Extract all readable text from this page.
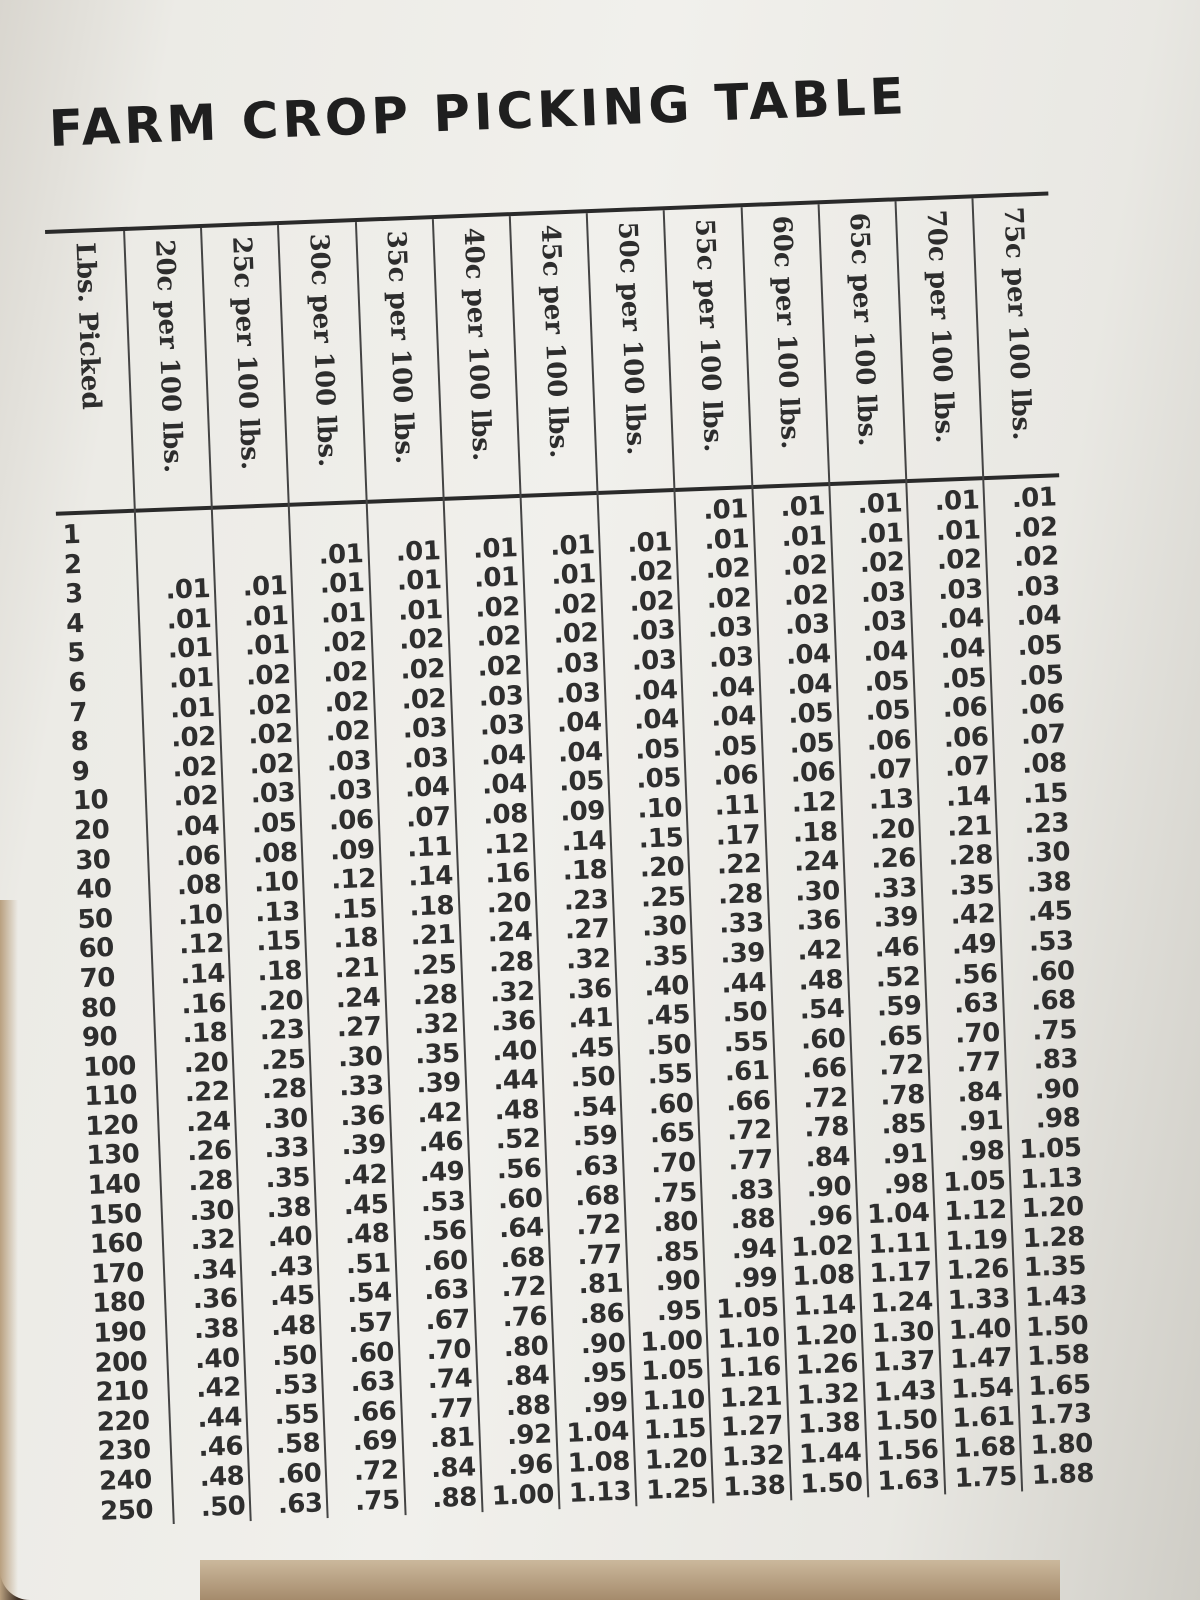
FARM CROP PICKING TABLE
Lbs. Picked
1
2
3
4
5
6
7
8
9
10
20
30
40
50
60
70
80
90
100
110
120
130
140
150
160
170
180
190
200
210
220
230
240
250
20c per 100 lbs.
.01
.01
.01
.01
.01
.02
.02
.02
.04
.06
.08
.10
.12
.14
.16
.18
.20
.22
.24
.26
.28
.30
.32
.34
.36
.38
.40
.42
.44
.46
.48
.50
25c per 100 lbs.
.01
.01
.01
.02
.02
.02
.02
.03
.05
.08
.10
.13
.15
.18
.20
.23
.25
.28
.30
.33
.35
.38
.40
.43
.45
.48
.50
.53
.55
.58
.60
.63
30c per 100 lbs.
.01
.01
.01
.02
.02
.02
.02
.03
.03
.06
.09
.12
.15
.18
.21
.24
.27
.30
.33
.36
.39
.42
.45
.48
.51
.54
.57
.60
.63
.66
.69
.72
.75
35c per 100 lbs.
.01
.01
.01
.02
.02
.02
.03
.03
.04
.07
.11
.14
.18
.21
.25
.28
.32
.35
.39
.42
.46
.49
.53
.56
.60
.63
.67
.70
.74
.77
.81
.84
.88
40c per 100 lbs.
.01
.01
.02
.02
.02
.03
.03
.04
.04
.08
.12
.16
.20
.24
.28
.32
.36
.40
.44
.48
.52
.56
.60
.64
.68
.72
.76
.80
.84
.88
.92
.96
1.00
45c per 100 lbs.
.01
.01
.02
.02
.03
.03
.04
.04
.05
.09
.14
.18
.23
.27
.32
.36
.41
.45
.50
.54
.59
.63
.68
.72
.77
.81
.86
.90
.95
.99
1.04
1.08
1.13
50c per 100 lbs.
.01
.02
.02
.03
.03
.04
.04
.05
.05
.10
.15
.20
.25
.30
.35
.40
.45
.50
.55
.60
.65
.70
.75
.80
.85
.90
.95
1.00
1.05
1.10
1.15
1.20
1.25
55c per 100 lbs.
.01
.01
.02
.02
.03
.03
.04
.04
.05
.06
.11
.17
.22
.28
.33
.39
.44
.50
.55
.61
.66
.72
.77
.83
.88
.94
.99
1.05
1.10
1.16
1.21
1.27
1.32
1.38
60c per 100 lbs.
.01
.01
.02
.02
.03
.04
.04
.05
.05
.06
.12
.18
.24
.30
.36
.42
.48
.54
.60
.66
.72
.78
.84
.90
.96
1.02
1.08
1.14
1.20
1.26
1.32
1.38
1.44
1.50
65c per 100 lbs.
.01
.01
.02
.03
.03
.04
.05
.05
.06
.07
.13
.20
.26
.33
.39
.46
.52
.59
.65
.72
.78
.85
.91
.98
1.04
1.11
1.17
1.24
1.30
1.37
1.43
1.50
1.56
1.63
70c per 100 lbs.
.01
.01
.02
.03
.04
.04
.05
.06
.06
.07
.14
.21
.28
.35
.42
.49
.56
.63
.70
.77
.84
.91
.98
1.05
1.12
1.19
1.26
1.33
1.40
1.47
1.54
1.61
1.68
1.75
75c per 100 lbs.
.01
.02
.02
.03
.04
.05
.05
.06
.07
.08
.15
.23
.30
.38
.45
.53
.60
.68
.75
.83
.90
.98
1.05
1.13
1.20
1.28
1.35
1.43
1.50
1.58
1.65
1.73
1.80
1.88
